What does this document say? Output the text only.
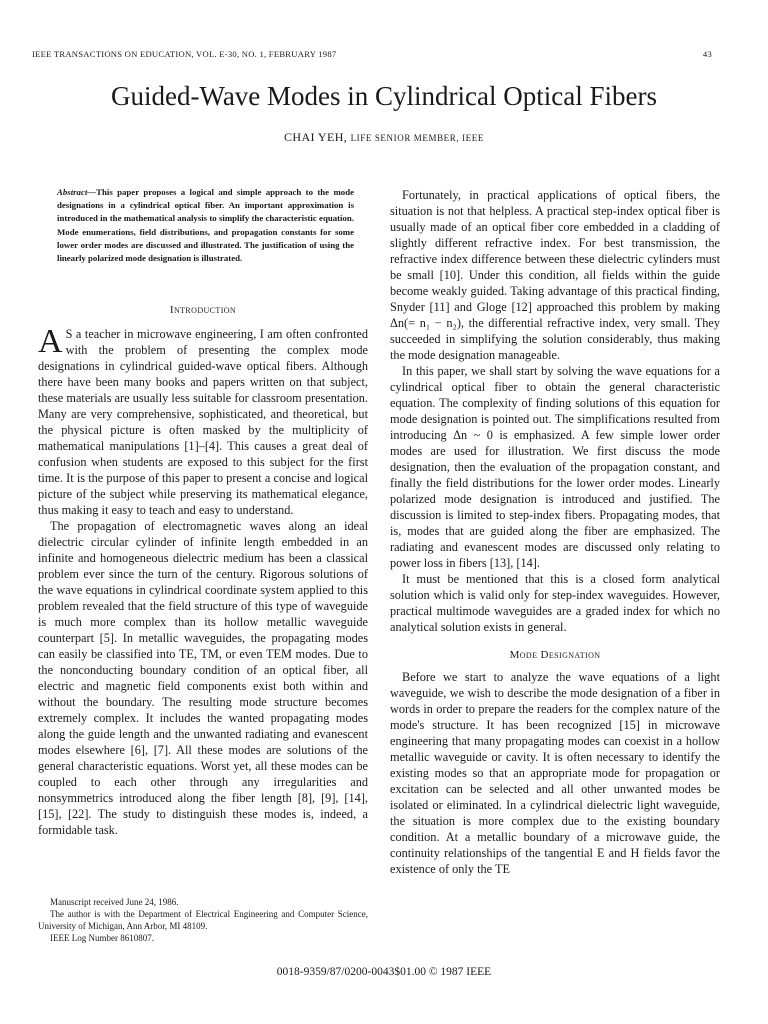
IEEE TRANSACTIONS ON EDUCATION, VOL. E-30, NO. 1, FEBRUARY 1987	43
Guided-Wave Modes in Cylindrical Optical Fibers
CHAI YEH, LIFE SENIOR MEMBER, IEEE
Abstract—This paper proposes a logical and simple approach to the mode designations in a cylindrical optical fiber. An important approximation is introduced in the mathematical analysis to simplify the characteristic equation. Mode enumerations, field distributions, and propagation constants for some lower order modes are discussed and illustrated. The justification of using the linearly polarized mode designation is illustrated.
Introduction

A S a teacher in microwave engineering, I am often confronted with the problem of presenting the complex mode designations in cylindrical guided-wave optical fibers. Although there have been many books and papers written on that subject, these materials are usually less suitable for classroom presentation. Many are very comprehensive, sophisticated, and theoretical, but the physical picture is often masked by the multiplicity of mathematical manipulations [1]–[4]. This causes a great deal of confusion when students are exposed to this subject for the first time. It is the purpose of this paper to present a concise and logical picture of the subject while preserving its mathematical elegance, thus making it easy to teach and easy to understand.

The propagation of electromagnetic waves along an ideal dielectric circular cylinder of infinite length embedded in an infinite and homogeneous dielectric medium has been a classical problem ever since the turn of the century. Rigorous solutions of the wave equations in cylindrical coordinate system applied to this problem revealed that the field structure of this type of waveguide is much more complex than its hollow metallic waveguide counterpart [5]. In metallic waveguides, the propagating modes can easily be classified into TE, TM, or even TEM modes. Due to the nonconducting boundary condition of an optical fiber, all electric and magnetic field components exist both within and without the boundary. The resulting mode structure becomes extremely complex. It includes the wanted propagating modes along the guide length and the unwanted radiating and evanescent modes elsewhere [6], [7]. All these modes are solutions of the general characteristic equations. Worst yet, all these modes can be coupled to each other through any irregularities and nonsymmetrics introduced along the fiber length [8], [9], [14], [15], [22]. The study to distinguish these modes is, indeed, a formidable task.

Manuscript received June 24, 1986.

The author is with the Department of Electrical Engineering and Computer Science, University of Michigan, Ann Arbor, MI 48109.

IEEE Log Number 8610807.

Fortunately, in practical applications of optical fibers, the situation is not that helpless. A practical step-index optical fiber is usually made of an optical fiber core embedded in a cladding of slightly different refractive index. For best transmission, the refractive index difference between these dielectric cylinders must be small [10]. Under this condition, all fields within the guide become weakly guided. Taking advantage of this practical finding, Snyder [11] and Gloge [12] approached this problem by making Δn(= n₁ − n₂), the differential refractive index, very small. They succeeded in simplifying the solution considerably, thus making the mode designation manageable.

In this paper, we shall start by solving the wave equations for a cylindrical optical fiber to obtain the general characteristic equation. The complexity of finding solutions of this equation for mode designation is pointed out. The simplifications resulted from introducing Δn ~ 0 is emphasized. A few simple lower order modes are used for illustration. We first discuss the mode designation, then the evaluation of the propagation constant, and finally the field distributions for the lower order modes. Linearly polarized mode designation is introduced and justified. The discussion is limited to step-index fibers. Propagating modes, that is, modes that are guided along the fiber are emphasized. The radiating and evanescent modes are discussed only relating to power loss in fibers [13], [14].

It must be mentioned that this is a closed form analytical solution which is valid only for step-index waveguides. However, practical multimode waveguides are a graded index for which no analytical solution exists in general.

Mode Designation

Before we start to analyze the wave equations of a light waveguide, we wish to describe the mode designation of a fiber in words in order to prepare the readers for the complex nature of the mode's structure. It has been recognized [15] in microwave engineering that many propagating modes can coexist in a hollow metallic waveguide or cavity. It is often necessary to identify the existing modes so that an appropriate mode for propagation or excitation can be selected and all other unwanted modes be isolated or eliminated. In a cylindrical dielectric light waveguide, the situation is more complex due to the existing boundary condition. At a metallic boundary of a microwave guide, the continuity relationships of the tangential E and H fields favor the existence of only the TE

0018-9359/87/0200-0043$01.00 © 1987 IEEE
